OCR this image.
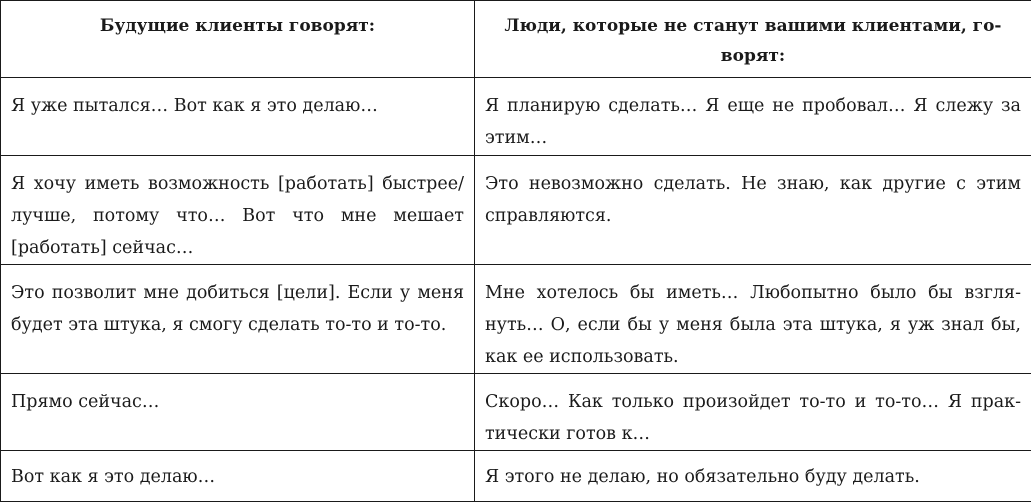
Будущие клиенты говорят:	Люди, которые не станут вашими клиентами, говорят:
Я уже пытался… Вот как я это делаю…	Я планирую сделать… Я еще не пробовал… Я слежу за этим…
Я хочу иметь возможность [работать] быстрее/лучше, потому что… Вот что мне мешает [работать] сейчас…	Это невозможно сделать. Не знаю, как другие с этим справляются.
Это позволит мне добиться [цели]. Если у меня будет эта штука, я смогу сделать то-то и то-то.	Мне хотелось бы иметь… Любопытно было бы взглянуть… О, если бы у меня была эта штука, я уж знал бы, как ее использовать.
Прямо сейчас…	Скоро… Как только произойдет то-то и то-то… Я практически готов к…
Вот как я это делаю…	Я этого не делаю, но обязательно буду делать.
